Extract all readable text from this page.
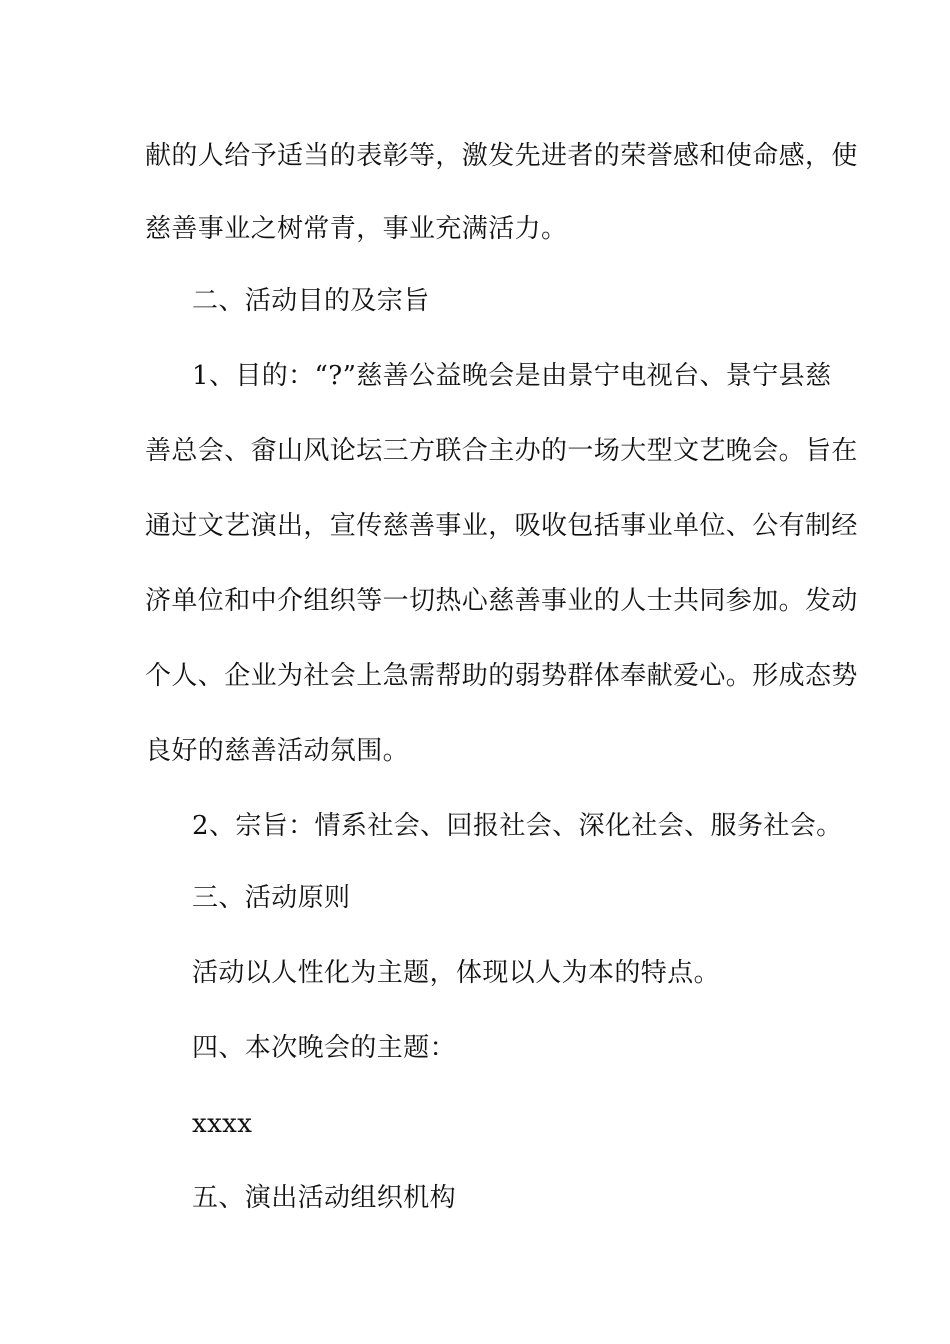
献的人给予适当的表彰等，激发先进者的荣誉感和使命感，使
慈善事业之树常青，事业充满活力。
二、活动目的及宗旨
1、目的：“?”慈善公益晚会是由景宁电视台、景宁县慈
善总会、畲山风论坛三方联合主办的一场大型文艺晚会。旨在
通过文艺演出，宣传慈善事业，吸收包括事业单位、公有制经
济单位和中介组织等一切热心慈善事业的人士共同参加。发动
个人、企业为社会上急需帮助的弱势群体奉献爱心。形成态势
良好的慈善活动氛围。
2、宗旨：情系社会、回报社会、深化社会、服务社会。
三、活动原则
活动以人性化为主题，体现以人为本的特点。
四、本次晚会的主题：
xxxx
五、演出活动组织机构
